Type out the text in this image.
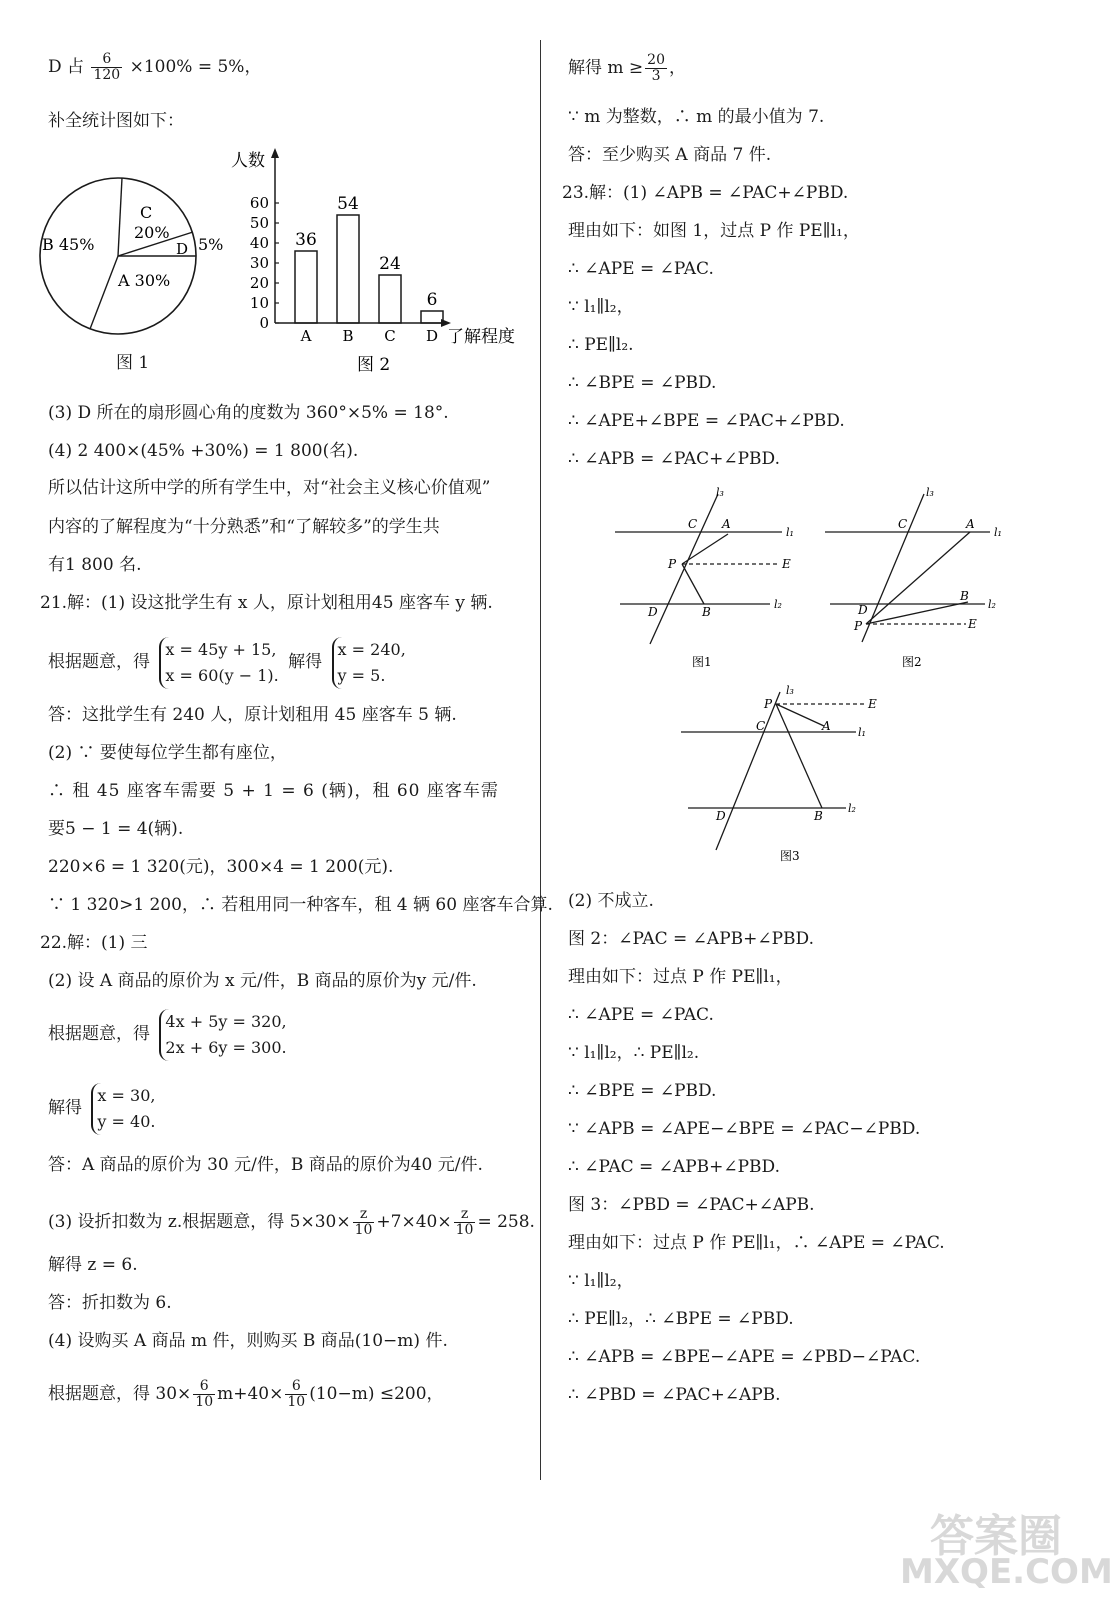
D 占 $\frac{6}{120} \times 100\% = 5\%$，
补全统计图如下：
B 45%
C
20%
D 5%
A 30%
图 1
人数
了解程度
0
10
20
30
40
50
60
36
A
54
B
24
C
6
D
图 2
(3) D 所在的扇形圆心角的度数为 360°×5% = 18°.
(4) 2 400×(45% +30%) = 1 800(名).
所以估计这所中学的所有学生中，对“社会主义核心价值观”
内容的了解程度为“十分熟悉”和“了解较多”的学生共
有1 800 名.
21.解：(1) 设这批学生有 x 人，原计划租用45 座客车 y 辆.
根据题意，得
x = 45y + 15,
x = 60(y − 1).
解得
x = 240,
y = 5.
答：这批学生有 240 人，原计划租用 45 座客车 5 辆.
(2) ∵ 要使每位学生都有座位，
∴ 租 45 座客车需要 5 + 1 = 6 (辆)，租 60 座客车需
要5 − 1 = 4(辆).
220×6 = 1 320(元)，300×4 = 1 200(元).
∵ 1 320>1 200，∴ 若租用同一种客车，租 4 辆 60 座客车合算.
22.解：(1) 三
(2) 设 A 商品的原价为 x 元/件，B 商品的原价为y 元/件.
根据题意，得
4x + 5y = 320,
2x + 6y = 300.
解得
x = 30,
y = 40.
答：A 商品的原价为 30 元/件，B 商品的原价为40 元/件.
(3) 设折扣数为 z.根据题意，得 $5\times 30\times \frac{z}{10} +7\times 40\times \frac{z}{10} = 258$.
解得 z = 6.
答：折扣数为 6.
(4) 设购买 A 商品 m 件，则购买 B 商品(10−m) 件.
根据题意，得 $30\times \frac{6}{10} m+40\times \frac{6}{10} (10-m) \le 200$，
解得 $m \ge \frac{20}{3}$ ，
∵ m 为整数，∴ m 的最小值为 7.
答：至少购买 A 商品 7 件.
23.解：(1) ∠APB = ∠PAC+∠PBD.
理由如下：如图 1，过点 P 作 PE∥l₁，
∴ ∠APE = ∠PAC.
∵ l₁∥l₂，
∴ PE∥l₂.
∴ ∠BPE = ∠PBD.
∴ ∠APE+∠BPE = ∠PAC+∠PBD.
∴ ∠APB = ∠PAC+∠PBD.
l₃
l₁
l₂
C A
P	E
D	B
图1
l₃
l₁
l₂
C	A
D
B
P	E
图2
l₃
P	E
C	A l₁
D	B
l₂
图3
(2) 不成立.
图 2：∠PAC = ∠APB+∠PBD.
理由如下：过点 P 作 PE∥l₁，
∴ ∠APE = ∠PAC.
∵ l₁∥l₂，∴ PE∥l₂.
∴ ∠BPE = ∠PBD.
∵ ∠APB = ∠APE−∠BPE = ∠PAC−∠PBD.
∴ ∠PAC = ∠APB+∠PBD.
图 3：∠PBD = ∠PAC+∠APB.
理由如下：过点 P 作 PE∥l₁，∴ ∠APE = ∠PAC.
∵ l₁∥l₂，
∴ PE∥l₂，∴ ∠BPE = ∠PBD.
∴ ∠APB = ∠BPE−∠APE = ∠PBD−∠PAC.
∴ ∠PBD = ∠PAC+∠APB.
答案圈
MXQE.COM
